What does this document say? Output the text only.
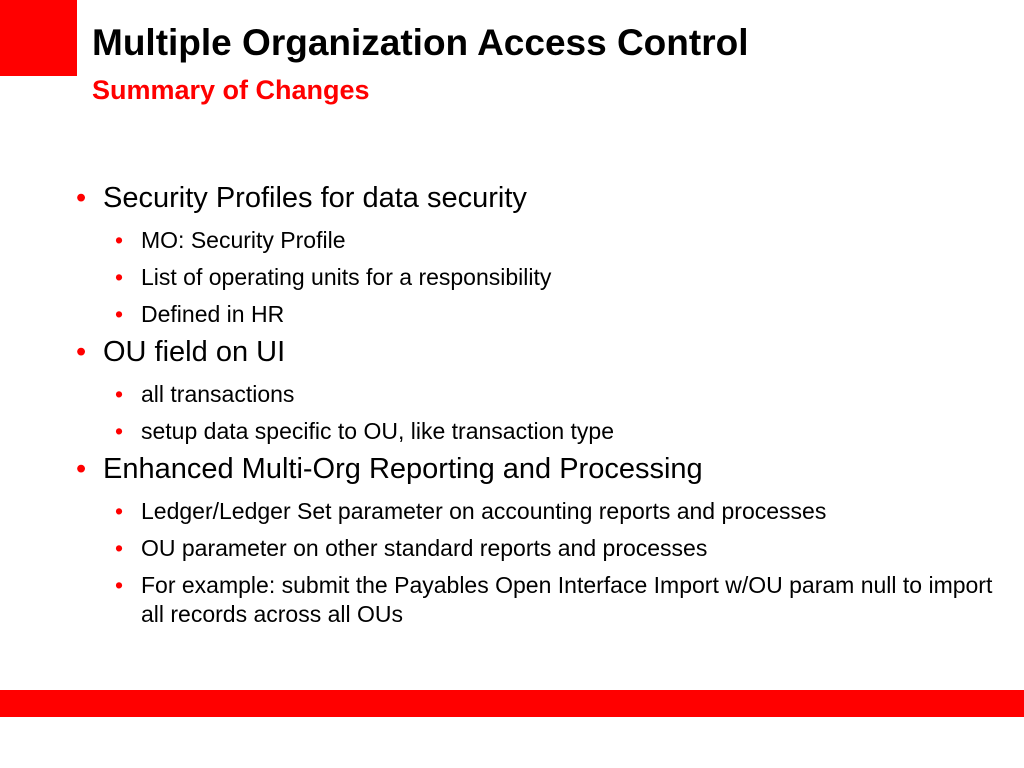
Multiple Organization Access Control
Summary of Changes
• Security Profiles for data security
• MO: Security Profile
• List of operating units for a responsibility
• Defined in HR
• OU field on UI
• all transactions
• setup data specific to OU, like transaction type
• Enhanced Multi-Org Reporting and Processing
• Ledger/Ledger Set parameter on accounting reports and processes
• OU parameter on other standard reports and processes
• For example: submit the Payables Open Interface Import w/OU param null to import all records across all OUs
